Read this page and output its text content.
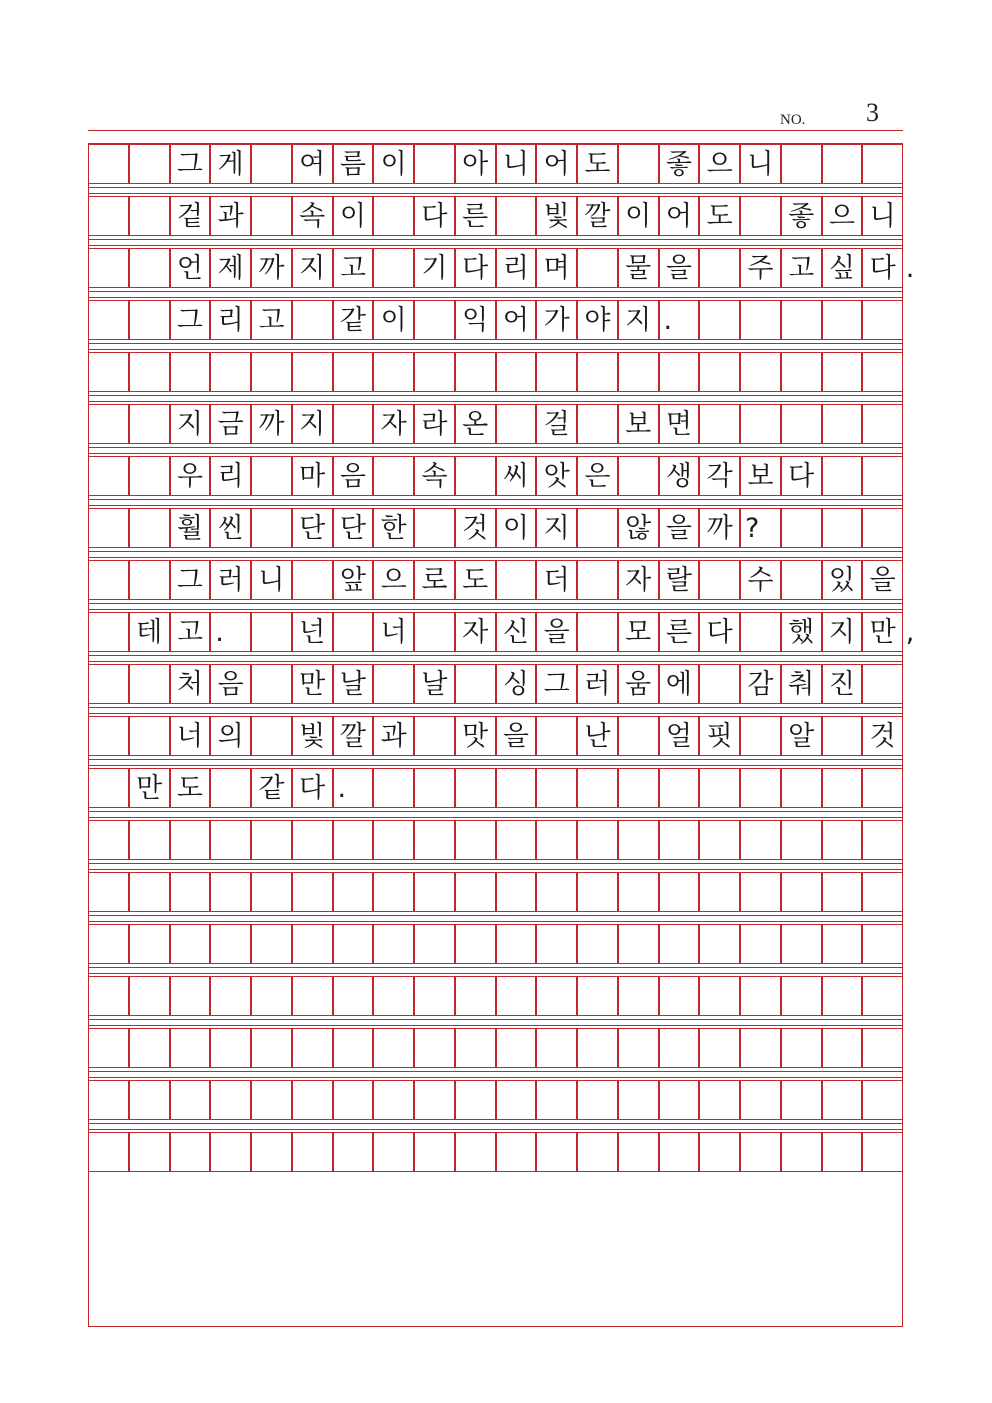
NO. 3
그 게 여 름 이 아 니 어 도 좋 으 니
겉 과 속 이 다 른 빛 깔 이 어 도 좋 으 니
언 제 까 지 고 기 다 리 며 물 을 주 고 싶 다 .
그 리 고 같 이 익 어 가 야 지 .
지 금 까 지 자 라 온 걸 보 면
우 리 마 음 속 씨 앗 은 생 각 보 다
훨 씬 단 단 한 것 이 지 않 을 까 ?
그 러 니 앞 으 로 도 더 자 랄 수 있 을
테 고 .	넌 너 자 신 을 모 른 다 했 지 만 ,
처 음 만 날 날 싱 그 러 움 에 감 춰 진
너 의 빛 깔 과 맛 을 난 얼 핏 알 것
만 도 같 다 .
